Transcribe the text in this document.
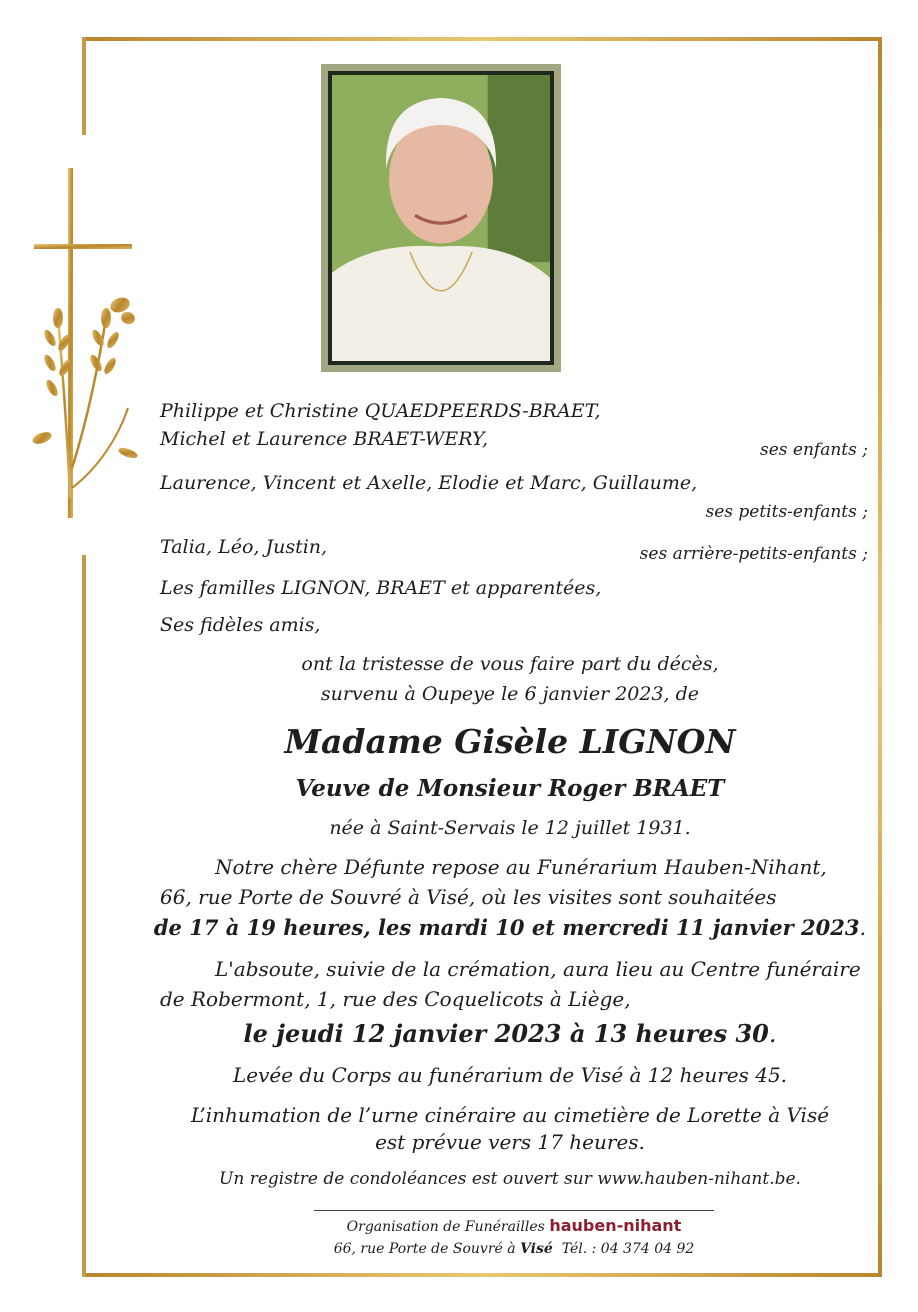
Philippe et Christine QUAEDPEERDS-BRAET,
Michel et Laurence BRAET-WERY,	ses enfants ;
Laurence, Vincent et Axelle, Elodie et Marc, Guillaume,
ses petits-enfants ;
Talia, Léo, Justin,	ses arrière-petits-enfants ;
Les familles LIGNON, BRAET et apparentées,
Ses fidèles amis,
ont la tristesse de vous faire part du décès,
survenu à Oupeye le 6 janvier 2023, de
Madame Gisèle LIGNON
Veuve de Monsieur Roger BRAET
née à Saint-Servais le 12 juillet 1931.
Notre chère Défunte repose au Funérarium Hauben-Nihant,
66, rue Porte de Souvré à Visé, où les visites sont souhaitées
de 17 à 19 heures, les mardi 10 et mercredi 11 janvier 2023.
L'absoute, suivie de la crémation, aura lieu au Centre funéraire
de Robermont, 1, rue des Coquelicots à Liège,
le jeudi 12 janvier 2023 à 13 heures 30.
Levée du Corps au funérarium de Visé à 12 heures 45.
L’inhumation de l’urne cinéraire au cimetière de Lorette à Visé
est prévue vers 17 heures.
Un registre de condoléances est ouvert sur www.hauben-nihant.be.
Organisation de Funérailles hauben-nihant
66, rue Porte de Souvré à Visé Tél. : 04 374 04 92
